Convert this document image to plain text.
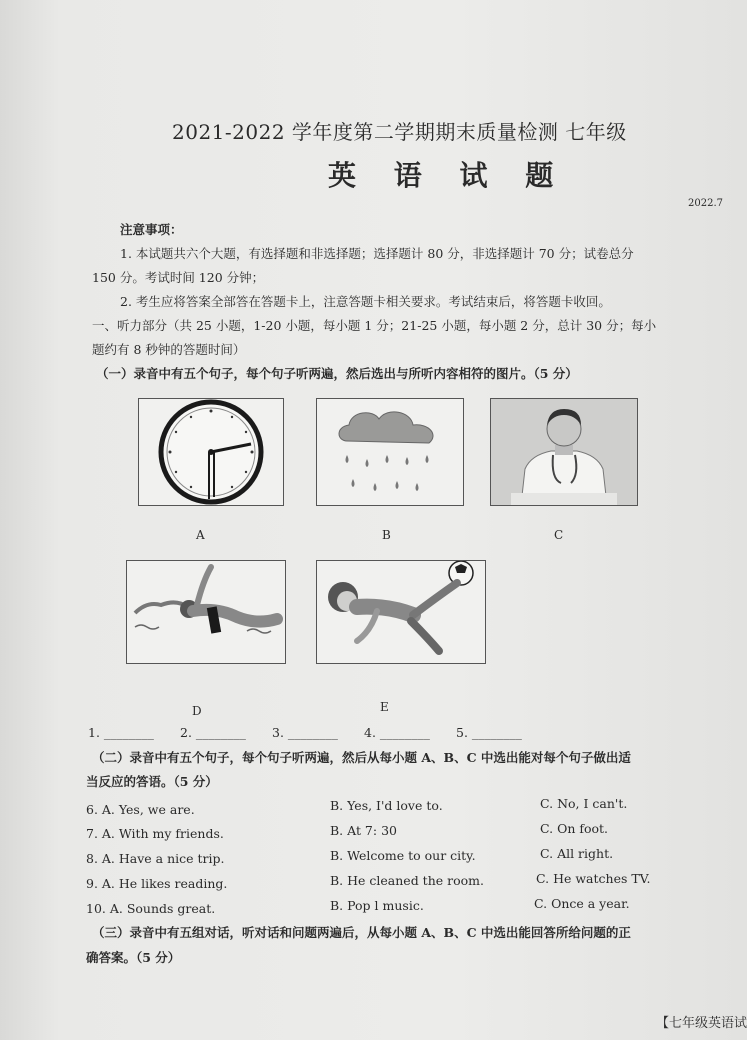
2021-2022 学年度第二学期期末质量检测 七年级
英 语 试 题
2022.7
注意事项：
1. 本试题共六个大题，有选择题和非选择题；选择题计 80 分，非选择题计 70 分；试卷总分
150 分。考试时间 120 分钟；
2. 考生应将答案全部答在答题卡上，注意答题卡相关要求。考试结束后，将答题卡收回。
一、听力部分（共 25 小题，1-20 小题，每小题 1 分；21-25 小题，每小题 2 分，总计 30 分；每小
题约有 8 秒钟的答题时间）
（一）录音中有五个句子，每个句子听两遍，然后选出与所听内容相符的图片。（5 分）
A	B	C
D	E
1. ________ 2. ________ 3. ________ 4. ________ 5. ________
（二）录音中有五个句子，每个句子听两遍，然后从每小题 A、B、C 中选出能对每个句子做出适
当反应的答语。（5 分）
6. A. Yes, we are.	B. Yes, I'd love to.	C. No, I can't.
7. A. With my friends.	B. At 7: 30	C. On foot.
8. A. Have a nice trip.	B. Welcome to our city.	C. All right.
9. A. He likes reading.	B. He cleaned the room.	C. He watches TV.
10. A. Sounds great.	B. Pop l music.	C. Once a year.
（三）录音中有五组对话，听对话和问题两遍后，从每小题 A、B、C 中选出能回答所给问题的正
确答案。（5 分）
【七年级英语试
